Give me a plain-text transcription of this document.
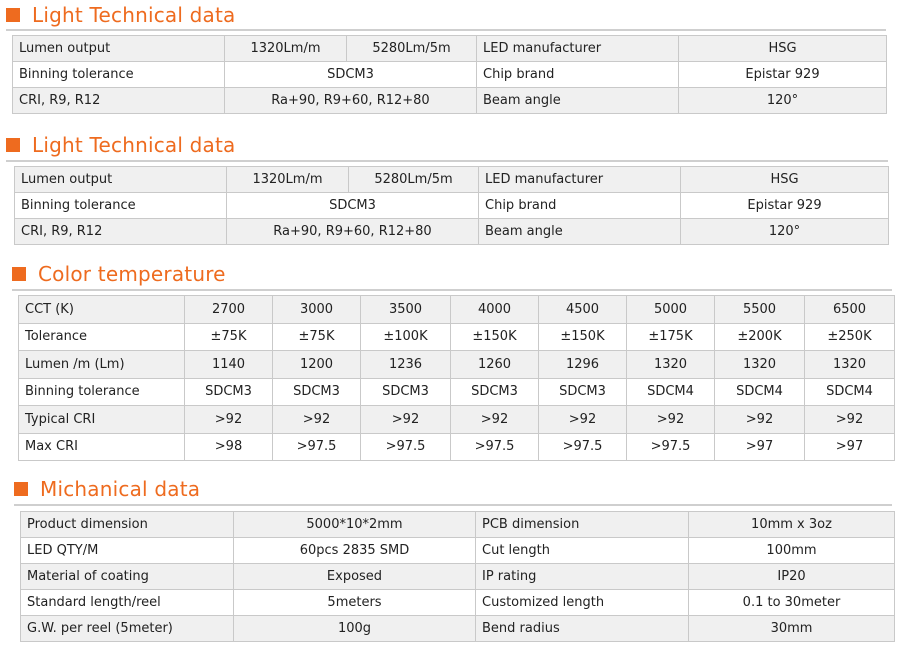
Light Technical data
Lumen output	1320Lm/m	5280Lm/5m	LED manufacturer	HSG
Binning tolerance	SDCM3		Chip brand	Epistar 929
CRI, R9, R12	Ra+90, R9+60, R12+80		Beam angle	120°
Light Technical data
Lumen output	1320Lm/m	5280Lm/5m	LED manufacturer	HSG
Binning tolerance	SDCM3		Chip brand	Epistar 929
CRI, R9, R12	Ra+90, R9+60, R12+80		Beam angle	120°
Color temperature
CCT (K)	2700	3000	3500	4000	4500	5000	5500	6500
Tolerance	±75K	±75K	±100K	±150K	±150K	±175K	±200K	±250K
Lumen /m (Lm)	1140	1200	1236	1260	1296	1320	1320	1320
Binning tolerance	SDCM3	SDCM3	SDCM3	SDCM3	SDCM3	SDCM4	SDCM4	SDCM4
Typical CRI	>92	>92	>92	>92	>92	>92	>92	>92
Max CRI	>98	>97.5	>97.5	>97.5	>97.5	>97.5	>97	>97
Michanical data
Product dimension	5000*10*2mm	PCB dimension	10mm x 3oz
LED QTY/M	60pcs 2835 SMD	Cut length	100mm
Material of coating	Exposed	IP rating	IP20
Standard length/reel	5meters	Customized length	0.1 to 30meter
G.W. per reel (5meter)	100g	Bend radius	30mm
